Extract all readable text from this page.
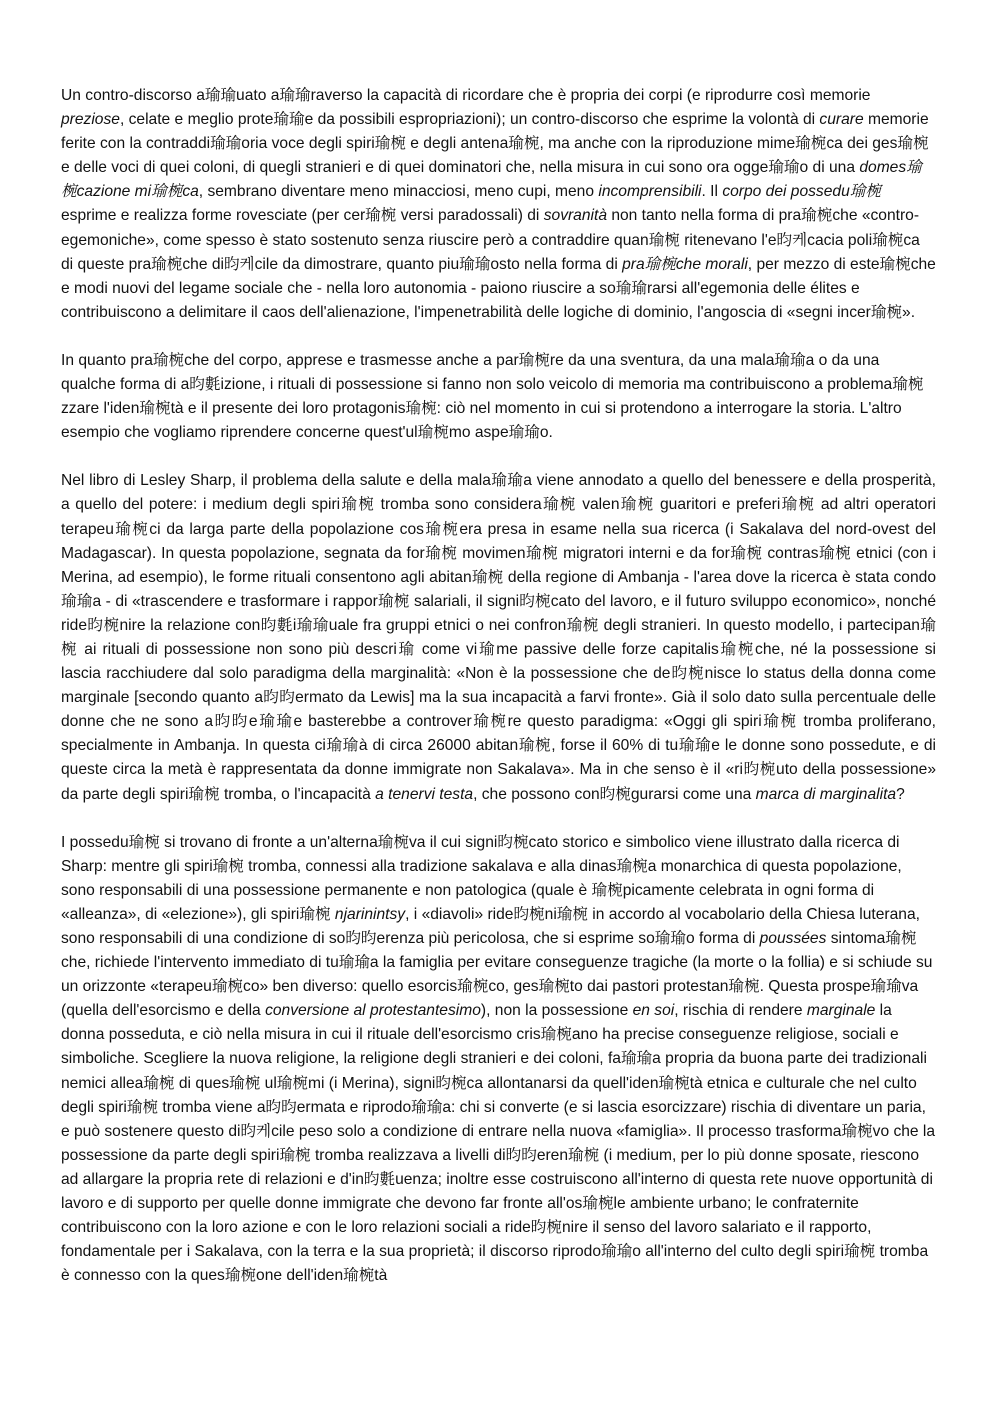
Un contro-discorso a瑜瑜uato a瑜瑜raverso la capacità di ricordare che è propria dei corpi (e riprodurre così memorie preziose, celate e meglio prote瑜瑜e da possibili espropriazioni); un contro-discorso che esprime la volontà di curare memorie ferite con la contraddi瑜瑜oria voce degli spiri瑜椀 e degli antena瑜椀, ma anche con la riproduzione mime瑜椀ca dei ges瑜椀 e delle voci di quei coloni, di quegli stranieri e di quei dominatori che, nella misura in cui sono ora ogge瑜瑜o di una domes瑜椀cazione mi瑜椀ca, sembrano diventare meno minacciosi, meno cupi, meno incomprensibili. Il corpo dei possedu瑜椀 esprime e realizza forme rovesciate (per cer瑜椀 versi paradossali) di sovranità non tanto nella forma di pra瑜椀che «contro-egemoniche», come spesso è stato sostenuto senza riuscire però a contraddire quan瑜椀 ritenevano l'e昀케cacia poli瑜椀ca di queste pra瑜椀che di昀케cile da dimostrare, quanto piu瑜瑜osto nella forma di pra瑜椀che morali, per mezzo di este瑜椀che e modi nuovi del legame sociale che - nella loro autonomia - paiono riuscire a so瑜瑜rarsi all'egemonia delle élites e contribuiscono a delimitare il caos dell'alienazione, l'impenetrabilità delle logiche di dominio, l'angoscia di «segni incer瑜椀».

In quanto pra瑜椀che del corpo, apprese e trasmesse anche a par瑜椀re da una sventura, da una mala瑜瑜a o da una qualche forma di a昀氀izione, i rituali di possessione si fanno non solo veicolo di memoria ma contribuiscono a problema瑜椀zzare l'iden瑜椀tà e il presente dei loro protagonis瑜椀: ciò nel momento in cui si protendono a interrogare la storia. L'altro esempio che vogliamo riprendere concerne quest'ul瑜椀mo aspe瑜瑜o.

Nel libro di Lesley Sharp, il problema della salute e della mala瑜瑜a viene annodato a quello del benessere e della prosperità, a quello del potere: i medium degli spiri瑜椀 tromba sono considera瑜椀 valen瑜椀 guaritori e preferi瑜椀 ad altri operatori terapeu瑜椀ci da larga parte della popolazione cos瑜椀era presa in esame nella sua ricerca (i Sakalava del nord-ovest del Madagascar). In questa popolazione, segnata da for瑜椀 movimen瑜椀 migratori interni e da for瑜椀 contras瑜椀 etnici (con i Merina, ad esempio), le forme rituali consentono agli abitan瑜椀 della regione di Ambanja - l'area dove la ricerca è stata condo瑜瑜a - di «trascendere e trasformare i rappor瑜椀 salariali, il signi昀椀cato del lavoro, e il futuro sviluppo economico», nonché ride昀椀nire la relazione con昀氀i瑜瑜uale fra gruppi etnici o nei confron瑜椀 degli stranieri. In questo modello, i partecipan瑜椀 ai rituali di possessione non sono più descri瑜 come vi瑜me passive delle forze capitalis瑜椀che, né la possessione si lascia racchiudere dal solo paradigma della marginalità: «Non è la possessione che de昀椀nisce lo status della donna come marginale [secondo quanto a昀昀ermato da Lewis] ma la sua incapacità a farvi fronte». Già il solo dato sulla percentuale delle donne che ne sono a昀昀e瑜瑜e basterebbe a controver瑜椀re questo paradigma: «Oggi gli spiri瑜椀 tromba proliferano, specialmente in Ambanja. In questa ci瑜瑜à di circa 26000 abitan瑜椀, forse il 60% di tu瑜瑜e le donne sono possedute, e di queste circa la metà è rappresentata da donne immigrate non Sakalava». Ma in che senso è il «ri昀椀uto della possessione» da parte degli spiri瑜椀 tromba, o l'incapacità a tenervi testa, che possono con昀椀gurarsi come una marca di marginalita?

I possedu瑜椀 si trovano di fronte a un'alterna瑜椀va il cui signi昀椀cato storico e simbolico viene illustrato dalla ricerca di Sharp: mentre gli spiri瑜椀 tromba, connessi alla tradizione sakalava e alla dinas瑜椀a monarchica di questa popolazione, sono responsabili di una possessione permanente e non patologica (quale è 瑜椀picamente celebrata in ogni forma di «alleanza», di «elezione»), gli spiri瑜椀 njarinintsy, i «diavoli» ride昀椀ni瑜椀 in accordo al vocabolario della Chiesa luterana, sono responsabili di una condizione di so昀昀erenza più pericolosa, che si esprime so瑜瑜o forma di poussées sintoma瑜椀che, richiede l'intervento immediato di tu瑜瑜a la famiglia per evitare conseguenze tragiche (la morte o la follia) e si schiude su un orizzonte «terapeu瑜椀co» ben diverso: quello esorcis瑜椀co, ges瑜椀to dai pastori protestan瑜椀. Questa prospe瑜瑜va (quella dell'esorcismo e della conversione al protestantesimo), non la possessione en soi, rischia di rendere marginale la donna posseduta, e ciò nella misura in cui il rituale dell'esorcismo cris瑜椀ano ha precise conseguenze religiose, sociali e simboliche. Scegliere la nuova religione, la religione degli stranieri e dei coloni, fa瑜瑜a propria da buona parte dei tradizionali nemici allea瑜椀 di ques瑜椀 ul瑜椀mi (i Merina), signi昀椀ca allontanarsi da quell'iden瑜椀tà etnica e culturale che nel culto degli spiri瑜椀 tromba viene a昀昀ermata e riprodo瑜瑜a: chi si converte (e si lascia esorcizzare) rischia di diventare un paria, e può sostenere questo di昀케cile peso solo a condizione di entrare nella nuova «famiglia». Il processo trasforma瑜椀vo che la possessione da parte degli spiri瑜椀 tromba realizzava a livelli di昀昀eren瑜椀 (i medium, per lo più donne sposate, riescono ad allargare la propria rete di relazioni e d'in昀氀uenza; inoltre esse costruiscono all'interno di questa rete nuove opportunità di lavoro e di supporto per quelle donne immigrate che devono far fronte all'os瑜椀le ambiente urbano; le confraternite contribuiscono con la loro azione e con le loro relazioni sociali a ride昀椀nire il senso del lavoro salariato e il rapporto, fondamentale per i Sakalava, con la terra e la sua proprietà; il discorso riprodo瑜瑜o all'interno del culto degli spiri瑜椀 tromba è connesso con la ques瑜椀one dell'iden瑜椀tà
